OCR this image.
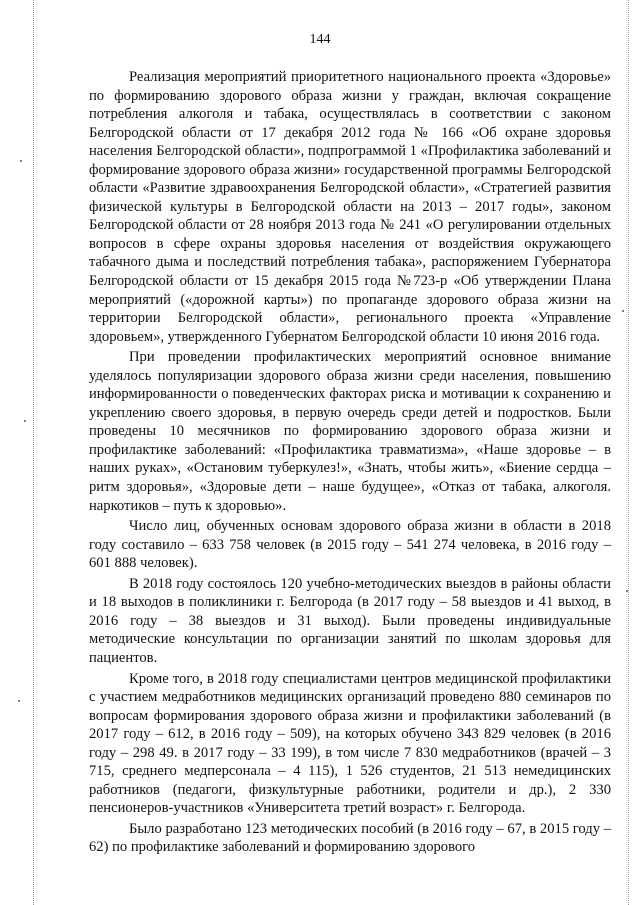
144

Реализация мероприятий приоритетного национального проекта «Здоровье» по формированию здорового образа жизни у граждан, включая сокращение потребления алкоголя и табака, осуществлялась в соответствии с законом Белгородской области от 17 декабря 2012 года № 166 «Об охране здоровья населения Белгородской области», подпрограммой 1 «Профилактика заболеваний и формирование здорового образа жизни» государственной программы Белгородской области «Развитие здравоохранения Белгородской области», «Стратегией развития физической культуры в Белгородской области на 2013 – 2017 годы», законом Белгородской области от 28 ноября 2013 года № 241 «О регулировании отдельных вопросов в сфере охраны здоровья населения от воздействия окружающего табачного дыма и последствий потребления табака», распоряжением Губернатора Белгородской области от 15 декабря 2015 года №723-р «Об утверждении Плана мероприятий («дорожной карты») по пропаганде здорового образа жизни на территории Белгородской области», регионального проекта «Управление здоровьем», утвержденного Губернатом Белгородской области 10 июня 2016 года.

При проведении профилактических мероприятий основное внимание уделялось популяризации здорового образа жизни среди населения, повышению информированности о поведенческих факторах риска и мотивации к сохранению и укреплению своего здоровья, в первую очередь среди детей и подростков. Были проведены 10 месячников по формированию здорового образа жизни и профилактике заболеваний: «Профилактика травматизма», «Наше здоровье – в наших руках», «Остановим туберкулез!», «Знать, чтобы жить», «Биение сердца – ритм здоровья», «Здоровые дети – наше будущее», «Отказ от табака, алкоголя. наркотиков – путь к здоровью».

Число лиц, обученных основам здорового образа жизни в области в 2018 году составило – 633 758 человек (в 2015 году – 541 274 человека, в 2016 году – 601 888 человек).

В 2018 году состоялось 120 учебно-методических выездов в районы области и 18 выходов в поликлиники г. Белгорода (в 2017 году – 58 выездов и 41 выход, в 2016 году – 38 выездов и 31 выход). Были проведены индивидуальные методические консультации по организации занятий по школам здоровья для пациентов.

Кроме того, в 2018 году специалистами центров медицинской профилактики с участием медработников медицинских организаций проведено 880 семинаров по вопросам формирования здорового образа жизни и профилактики заболеваний (в 2017 году – 612, в 2016 году – 509), на которых обучено 343 829 человек (в 2016 году – 298 49. в 2017 году – 33 199), в том числе 7 830 медработников (врачей – 3 715, среднего медперсонала – 4 115), 1 526 студентов, 21 513 немедицинских работников (педагоги, физкультурные работники, родители и др.), 2 330 пенсионеров-участников «Университета третий возраст» г. Белгорода.

Было разработано 123 методических пособий (в 2016 году – 67, в 2015 году – 62) по профилактике заболеваний и формированию здорового
